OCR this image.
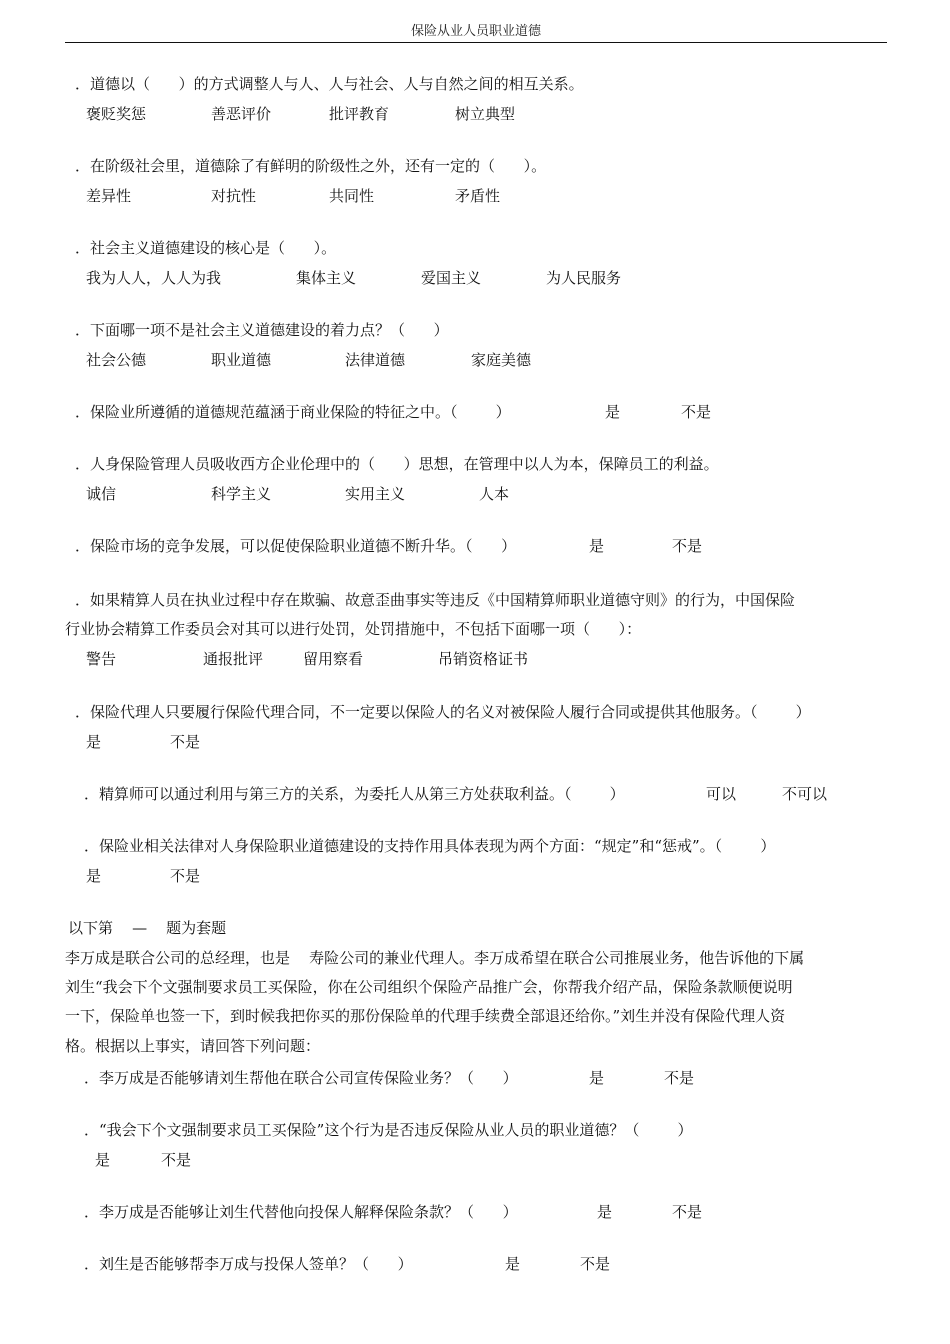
保险从业人员职业道德
．道德以（      ）的方式调整人与人、人与社会、人与自然之间的相互关系。
褒贬奖惩	善恶评价	批评教育	树立典型
．在阶级社会里，道德除了有鲜明的阶级性之外，还有一定的（      ）。
差异性	对抗性	共同性	矛盾性
．社会主义道德建设的核心是（      ）。
我为人人，人人为我	集体主义	爱国主义	为人民服务
．下面哪一项不是社会主义道德建设的着力点？（      ）
社会公德	职业道德	法律道德	家庭美德
．保险业所遵循的道德规范蕴涵于商业保险的特征之中。（        ）	是	不是
．人身保险管理人员吸收西方企业伦理中的（      ）思想，在管理中以人为本，保障员工的利益。
诚信	科学主义	实用主义	人本
．保险市场的竞争发展，可以促使保险职业道德不断升华。（      ）	是	不是
．如果精算人员在执业过程中存在欺骗、故意歪曲事实等违反《中国精算师职业道德守则》的行为，中国保险
行业协会精算工作委员会对其可以进行处罚，处罚措施中，不包括下面哪一项（      ）：
警告	通报批评	留用察看	吊销资格证书
．保险代理人只要履行保险代理合同，不一定要以保险人的名义对被保险人履行合同或提供其他服务。（        ）
是	不是
．精算师可以通过利用与第三方的关系，为委托人从第三方处获取利益。（        ）	可以	不可以
．保险业相关法律对人身保险职业道德建设的支持作用具体表现为两个方面：“规定”和“惩戒”。（        ）
是	不是
以下第    —    题为套题
李万成是联合公司的总经理，也是    寿险公司的兼业代理人。李万成希望在联合公司推展业务，他告诉他的下属
刘生“我会下个文强制要求员工买保险，你在公司组织个保险产品推广会，你帮我介绍产品，保险条款顺便说明
一下，保险单也签一下，到时候我把你买的那份保险单的代理手续费全部退还给你。”刘生并没有保险代理人资
格。根据以上事实，请回答下列问题：
．李万成是否能够请刘生帮他在联合公司宣传保险业务？（      ）	是	不是
．“我会下个文强制要求员工买保险”这个行为是否违反保险从业人员的职业道德？（        ）
是	不是
．李万成是否能够让刘生代替他向投保人解释保险条款？（      ）	是	不是
．刘生是否能够帮李万成与投保人签单？（      ）	是	不是
